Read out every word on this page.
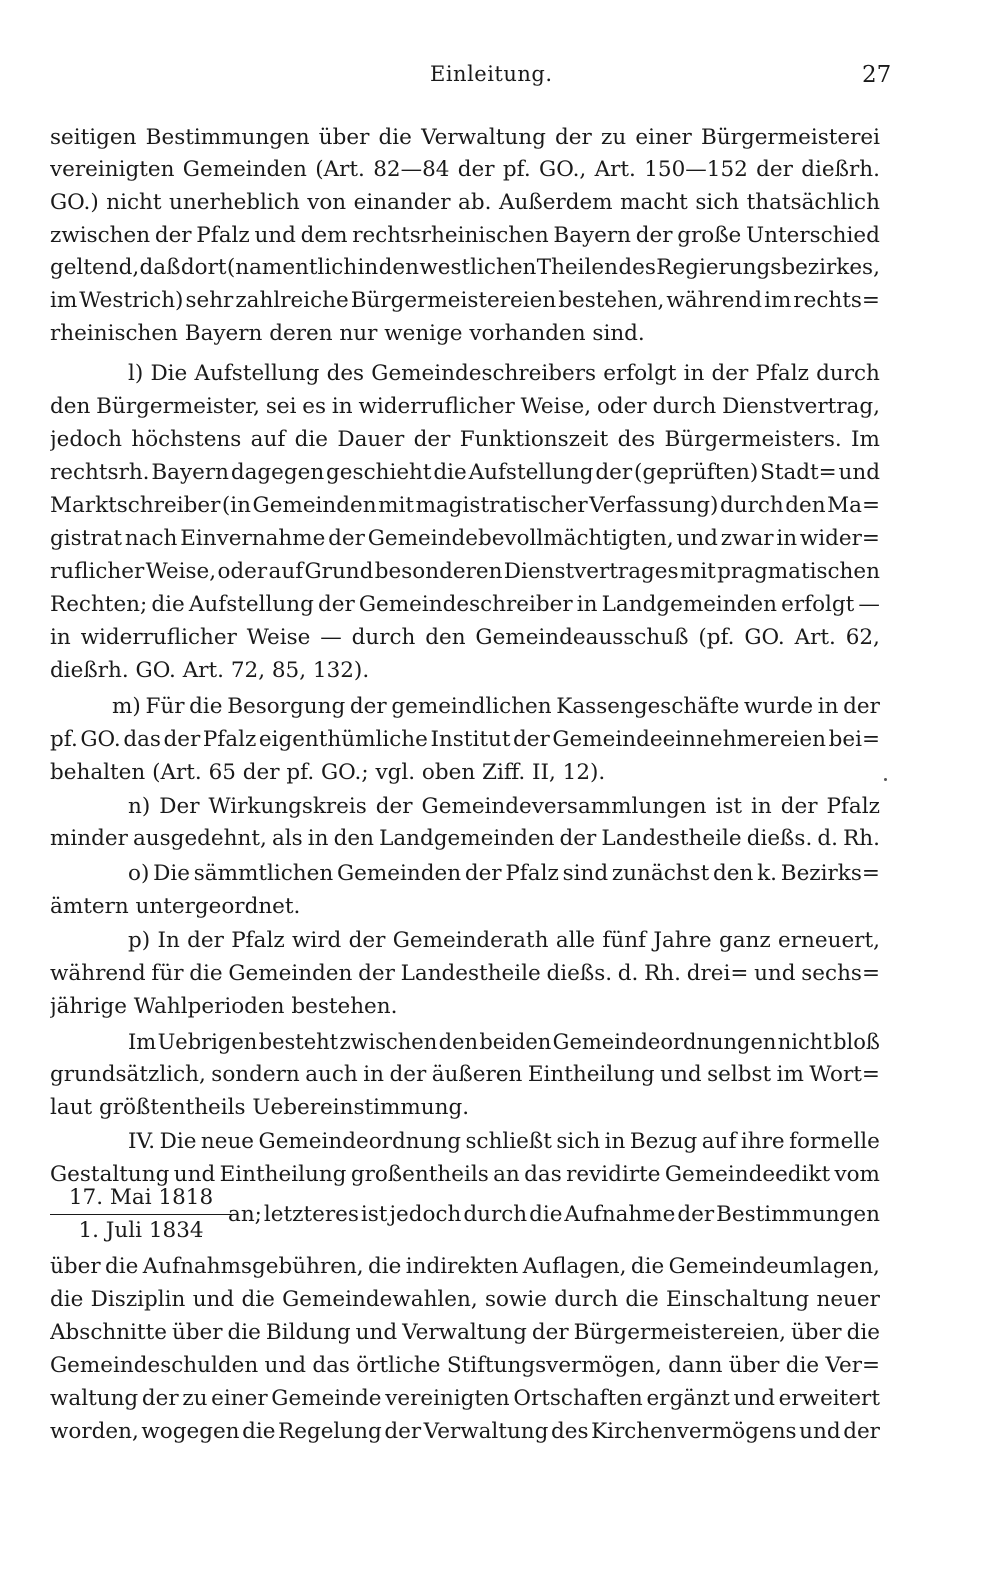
Einleitung.	27
seitigen Bestimmungen über die Verwaltung der zu einer Bürgermeisterei
vereinigten Gemeinden (Art. 82—84 der pf. GO., Art. 150—152 der dießrh.
GO.) nicht unerheblich von einander ab. Außerdem macht sich thatsächlich
zwischen der Pfalz und dem rechtsrheinischen Bayern der große Unterschied
geltend, daß dort (namentlich in den westlichen Theilen des Regierungsbezirkes,
im Westrich) sehr zahlreiche Bürgermeistereien bestehen, während im rechts=
rheinischen Bayern deren nur wenige vorhanden sind.
l) Die Aufstellung des Gemeindeschreibers erfolgt in der Pfalz durch
den Bürgermeister, sei es in widerruflicher Weise, oder durch Dienstvertrag,
jedoch höchstens auf die Dauer der Funktionszeit des Bürgermeisters. Im
rechtsrh. Bayern dagegen geschieht die Aufstellung der (geprüften) Stadt= und
Marktschreiber (in Gemeinden mit magistratischer Verfassung) durch den Ma=
gistrat nach Einvernahme der Gemeindebevollmächtigten, und zwar in wider=
ruflicher Weise, oder auf Grund besonderen Dienstvertrages mit pragmatischen
Rechten; die Aufstellung der Gemeindeschreiber in Landgemeinden erfolgt —
in widerruflicher Weise — durch den Gemeindeausschuß (pf. GO. Art. 62,
dießrh. GO. Art. 72, 85, 132).
m) Für die Besorgung der gemeindlichen Kassengeschäfte wurde in der
pf. GO. das der Pfalz eigenthümliche Institut der Gemeindeeinnehmereien bei=
behalten (Art. 65 der pf. GO.; vgl. oben Ziff. II, 12).
n) Der Wirkungskreis der Gemeindeversammlungen ist in der Pfalz
minder ausgedehnt, als in den Landgemeinden der Landestheile dießs. d. Rh.
o) Die sämmtlichen Gemeinden der Pfalz sind zunächst den k. Bezirks=
ämtern untergeordnet.
p) In der Pfalz wird der Gemeinderath alle fünf Jahre ganz erneuert,
während für die Gemeinden der Landestheile dießs. d. Rh. drei= und sechs=
jährige Wahlperioden bestehen.
Im Uebrigen besteht zwischen den beiden Gemeindeordnungen nicht bloß
grundsätzlich, sondern auch in der äußeren Eintheilung und selbst im Wort=
laut größtentheils Uebereinstimmung.
IV. Die neue Gemeindeordnung schließt sich in Bezug auf ihre formelle
Gestaltung und Eintheilung großentheils an das revidirte Gemeindeedikt vom
17. Mai 1818
1. Juli 1834
an; letzteres ist jedoch durch die Aufnahme der Bestimmungen
über die Aufnahmsgebühren, die indirekten Auflagen, die Gemeindeumlagen,
die Disziplin und die Gemeindewahlen, sowie durch die Einschaltung neuer
Abschnitte über die Bildung und Verwaltung der Bürgermeistereien, über die
Gemeindeschulden und das örtliche Stiftungsvermögen, dann über die Ver=
waltung der zu einer Gemeinde vereinigten Ortschaften ergänzt und erweitert
worden, wogegen die Regelung der Verwaltung des Kirchenvermögens und der
